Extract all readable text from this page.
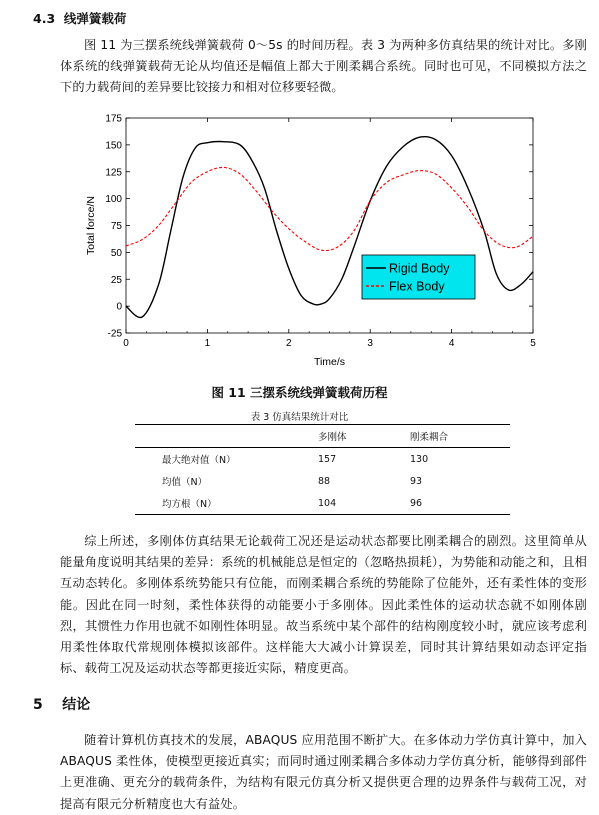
4.3 线弹簧载荷
图 11 为三摆系统线弹簧载荷 0～5s 的时间历程。表 3 为两种多仿真结果的统计对比。多刚体系统的线弹簧载荷无论从均值还是幅值上都大于刚柔耦合系统。同时也可见，不同模拟方法之下的力载荷间的差异要比铰接力和相对位移要轻微。
-25
0
25
50
75
100
125
150
175
0	1	2	3	4	5
Time/s
Total force/N
Rigid Body
Flex Body
图 11 三摆系统线弹簧载荷历程
表 3 仿真结果统计对比
	多刚体	刚柔耦合
最大绝对值（N）	157	130
均值（N）	88	93
均方根（N）	104	96
综上所述，多刚体仿真结果无论载荷工况还是运动状态都要比刚柔耦合的剧烈。这里简单从能量角度说明其结果的差异：系统的机械能总是恒定的（忽略热损耗），为势能和动能之和，且相互动态转化。多刚体系统势能只有位能，而刚柔耦合系统的势能除了位能外，还有柔性体的变形能。因此在同一时刻，柔性体获得的动能要小于多刚体。因此柔性体的运动状态就不如刚体剧烈，其惯性力作用也就不如刚性体明显。故当系统中某个部件的结构刚度较小时，就应该考虑利用柔性体取代常规刚体模拟该部件。这样能大大减小计算误差，同时其计算结果如动态评定指标、载荷工况及运动状态等都更接近实际，精度更高。
5 结论
随着计算机仿真技术的发展，ABAQUS 应用范围不断扩大。在多体动力学仿真计算中，加入 ABAQUS 柔性体，使模型更接近真实；而同时通过刚柔耦合多体动力学仿真分析，能够得到部件上更准确、更充分的载荷条件，为结构有限元仿真分析又提供更合理的边界条件与载荷工况，对提高有限元分析精度也大有益处。
